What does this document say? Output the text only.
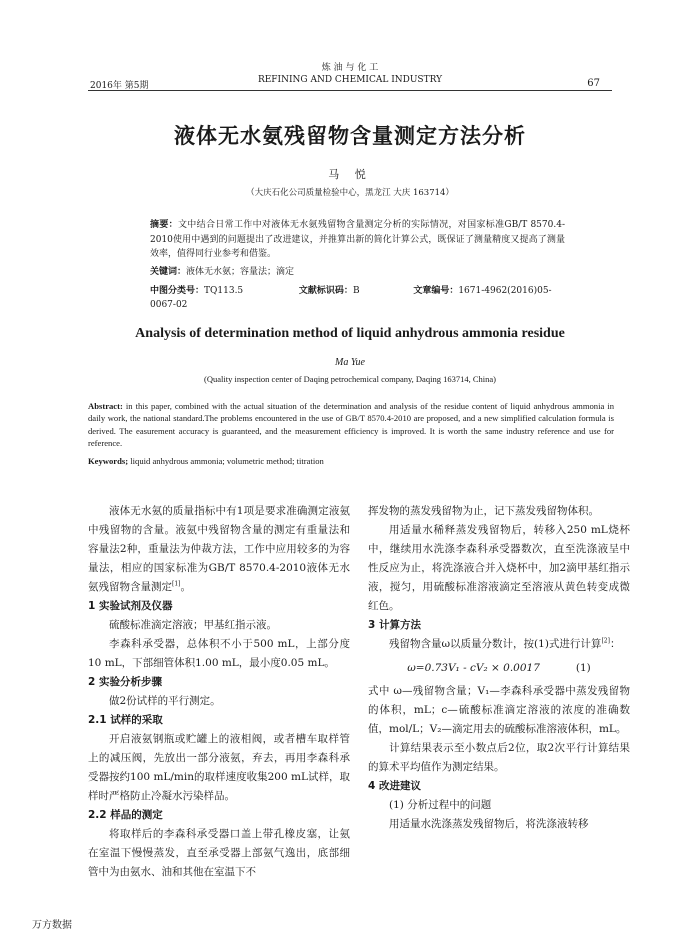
2016年 第5期
炼 油 与 化 工
REFINING AND CHEMICAL INDUSTRY	67
液体无水氨残留物含量测定方法分析
马 悦
（大庆石化公司质量检验中心，黑龙江 大庆 163714）
摘要：文中结合日常工作中对液体无水氨残留物含量测定分析的实际情况，对国家标准GB/T 8570.4-2010使用中遇到的问题提出了改进建议，并推算出新的简化计算公式，既保证了测量精度又提高了测量效率，值得同行业参考和借鉴。
关键词：液体无水氨；容量法；滴定
中图分类号：TQ113.5	文献标识码：B	文章编号：1671-4962(2016)05-0067-02
Analysis of determination method of liquid anhydrous ammonia residue
Ma Yue
(Quality inspection center of Daqing petrochemical company, Daqing 163714, China)
Abstract: in this paper, combined with the actual situation of the determination and analysis of the residue content of liquid anhydrous ammonia in daily work, the national standard.The problems encountered in the use of GB/T 8570.4-2010 are proposed, and a new simplified calculation formula is derived. The easurement accuracy is guaranteed, and the measurement efficiency is improved. It is worth the same industry reference and use for reference.
Keywords; liquid anhydrous ammonia; volumetric method; titration

液体无水氨的质量指标中有1项是要求准确测定液氨中残留物的含量。液氨中残留物含量的测定有重量法和容量法2种，重量法为仲裁方法，工作中应用较多的为容量法，相应的国家标准为GB/T 8570.4-2010液体无水氨残留物含量测定[1]。

1 实验试剂及仪器

硫酸标准滴定溶液；甲基红指示液。

李森科承受器，总体积不小于500 mL，上部分度10 mL，下部细管体积1.00 mL，最小度0.05 mL。

2 实验分析步骤

做2份试样的平行测定。

2.1 试样的采取

开启液氨钢瓶或贮罐上的液相阀，或者槽车取样管上的减压阀，先放出一部分液氨，弃去，再用李森科承受器按约100 mL/min的取样速度收集200 mL试样，取样时严格防止冷凝水污染样品。

2.2 样品的测定

将取样后的李森科承受器口盖上带孔橡皮塞，让氨在室温下慢慢蒸发，直至承受器上部氨气逸出，底部细管中为由氨水、油和其他在室温下不

挥发物的蒸发残留物为止，记下蒸发残留物体积。

用适量水稀释蒸发残留物后，转移入250 mL烧杯中，继续用水洗涤李森科承受器数次，直至洗涤液呈中性反应为止，将洗涤液合并入烧杯中，加2滴甲基红指示液，搅匀，用硫酸标准溶液滴定至溶液从黄色转变成微红色。

3 计算方法

残留物含量ω以质量分数计，按(1)式进行计算[2]：

ω=0.73V₁ - cV₂ × 0.0017	(1)

式中 ω—残留物含量；V₁—李森科承受器中蒸发残留物的体积，mL；c—硫酸标准滴定溶液的浓度的准确数值，mol/L；V₂—滴定用去的硫酸标准溶液体积，mL。

计算结果表示至小数点后2位，取2次平行计算结果的算术平均值作为测定结果。

4 改进建议

(1) 分析过程中的问题

用适量水洗涤蒸发残留物后，将洗涤液转移

万方数据
